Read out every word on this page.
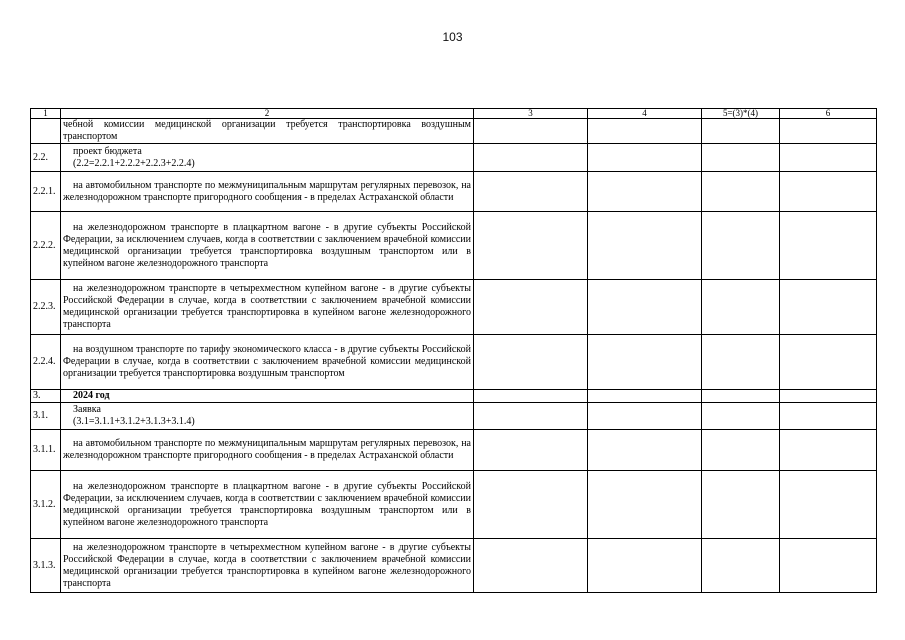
103
1	2	3	4	5=(3)*(4)	6
	чебной комиссии медицинской организации требуется транспортировка воздушным транспортом				
2.2.	проект бюджета
(2.2=2.2.1+2.2.2+2.2.3+2.2.4)				

2.2.1.	на автомобильном транспорте по межмуниципальным маршрутам регулярных перевозок, на железнодорожном транспорте пригородного сообщения - в пределах Астраханской области				
2.2.2.	на железнодорожном транспорте в плацкартном вагоне - в другие субъекты Российской Федерации, за исключением случаев, когда в соответствии с заключением врачебной комиссии медицинской организации требуется транспортировка воздушным транспортом или в купейном вагоне железнодорожного транспорта				
2.2.3.	на железнодорожном транспорте в четырехместном купейном вагоне - в другие субъекты Российской Федерации в случае, когда в соответствии с заключением врачебной комиссии медицинской организации требуется транспортировка в купейном вагоне железнодорожного транспорта				
2.2.4.	на воздушном транспорте по тарифу экономического класса - в другие субъекты Российской Федерации в случае, когда в соответствии с заключением врачебной комиссии медицинской организации требуется транспортировка воздушным транспортом				
3.	2024 год				
3.1.	Заявка
(3.1=3.1.1+3.1.2+3.1.3+3.1.4)				

3.1.1.	на автомобильном транспорте по межмуниципальным маршрутам регулярных перевозок, на железнодорожном транспорте пригородного сообщения - в пределах Астраханской области				
3.1.2.	на железнодорожном транспорте в плацкартном вагоне - в другие субъекты Российской Федерации, за исключением случаев, когда в соответствии с заключением врачебной комиссии медицинской организации требуется транспортировка воздушным транспортом или в купейном вагоне железнодорожного транспорта				
3.1.3.	на железнодорожном транспорте в четырехместном купейном вагоне - в другие субъекты Российской Федерации в случае, когда в соответствии с заключением врачебной комиссии медицинской организации требуется транспортировка в купейном вагоне железнодорожного транспорта				
